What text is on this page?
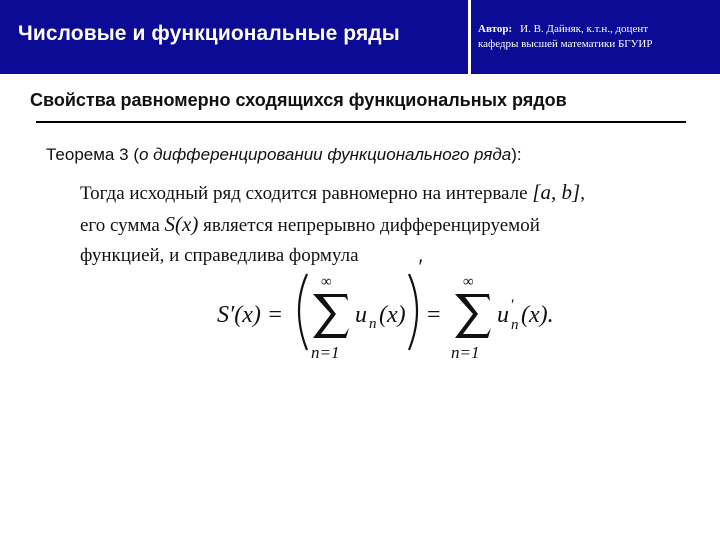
Числовые и функциональные ряды	Автор: И. В. Дайняк, к.т.н., доцент
кафедры высшей математики БГУИР
Свойства равномерно сходящихся функциональных рядов
Теорема 3 (о дифференцировании функционального ряда):
Тогда исходный ряд сходится равномерно на интервале [a, b],
его сумма S(x) является непрерывно дифференцируемой
функцией, и справедлива формула
S′(x) =
∞
n=1
u n (x)
′
=
∞
n=1
u ′
n (x).
